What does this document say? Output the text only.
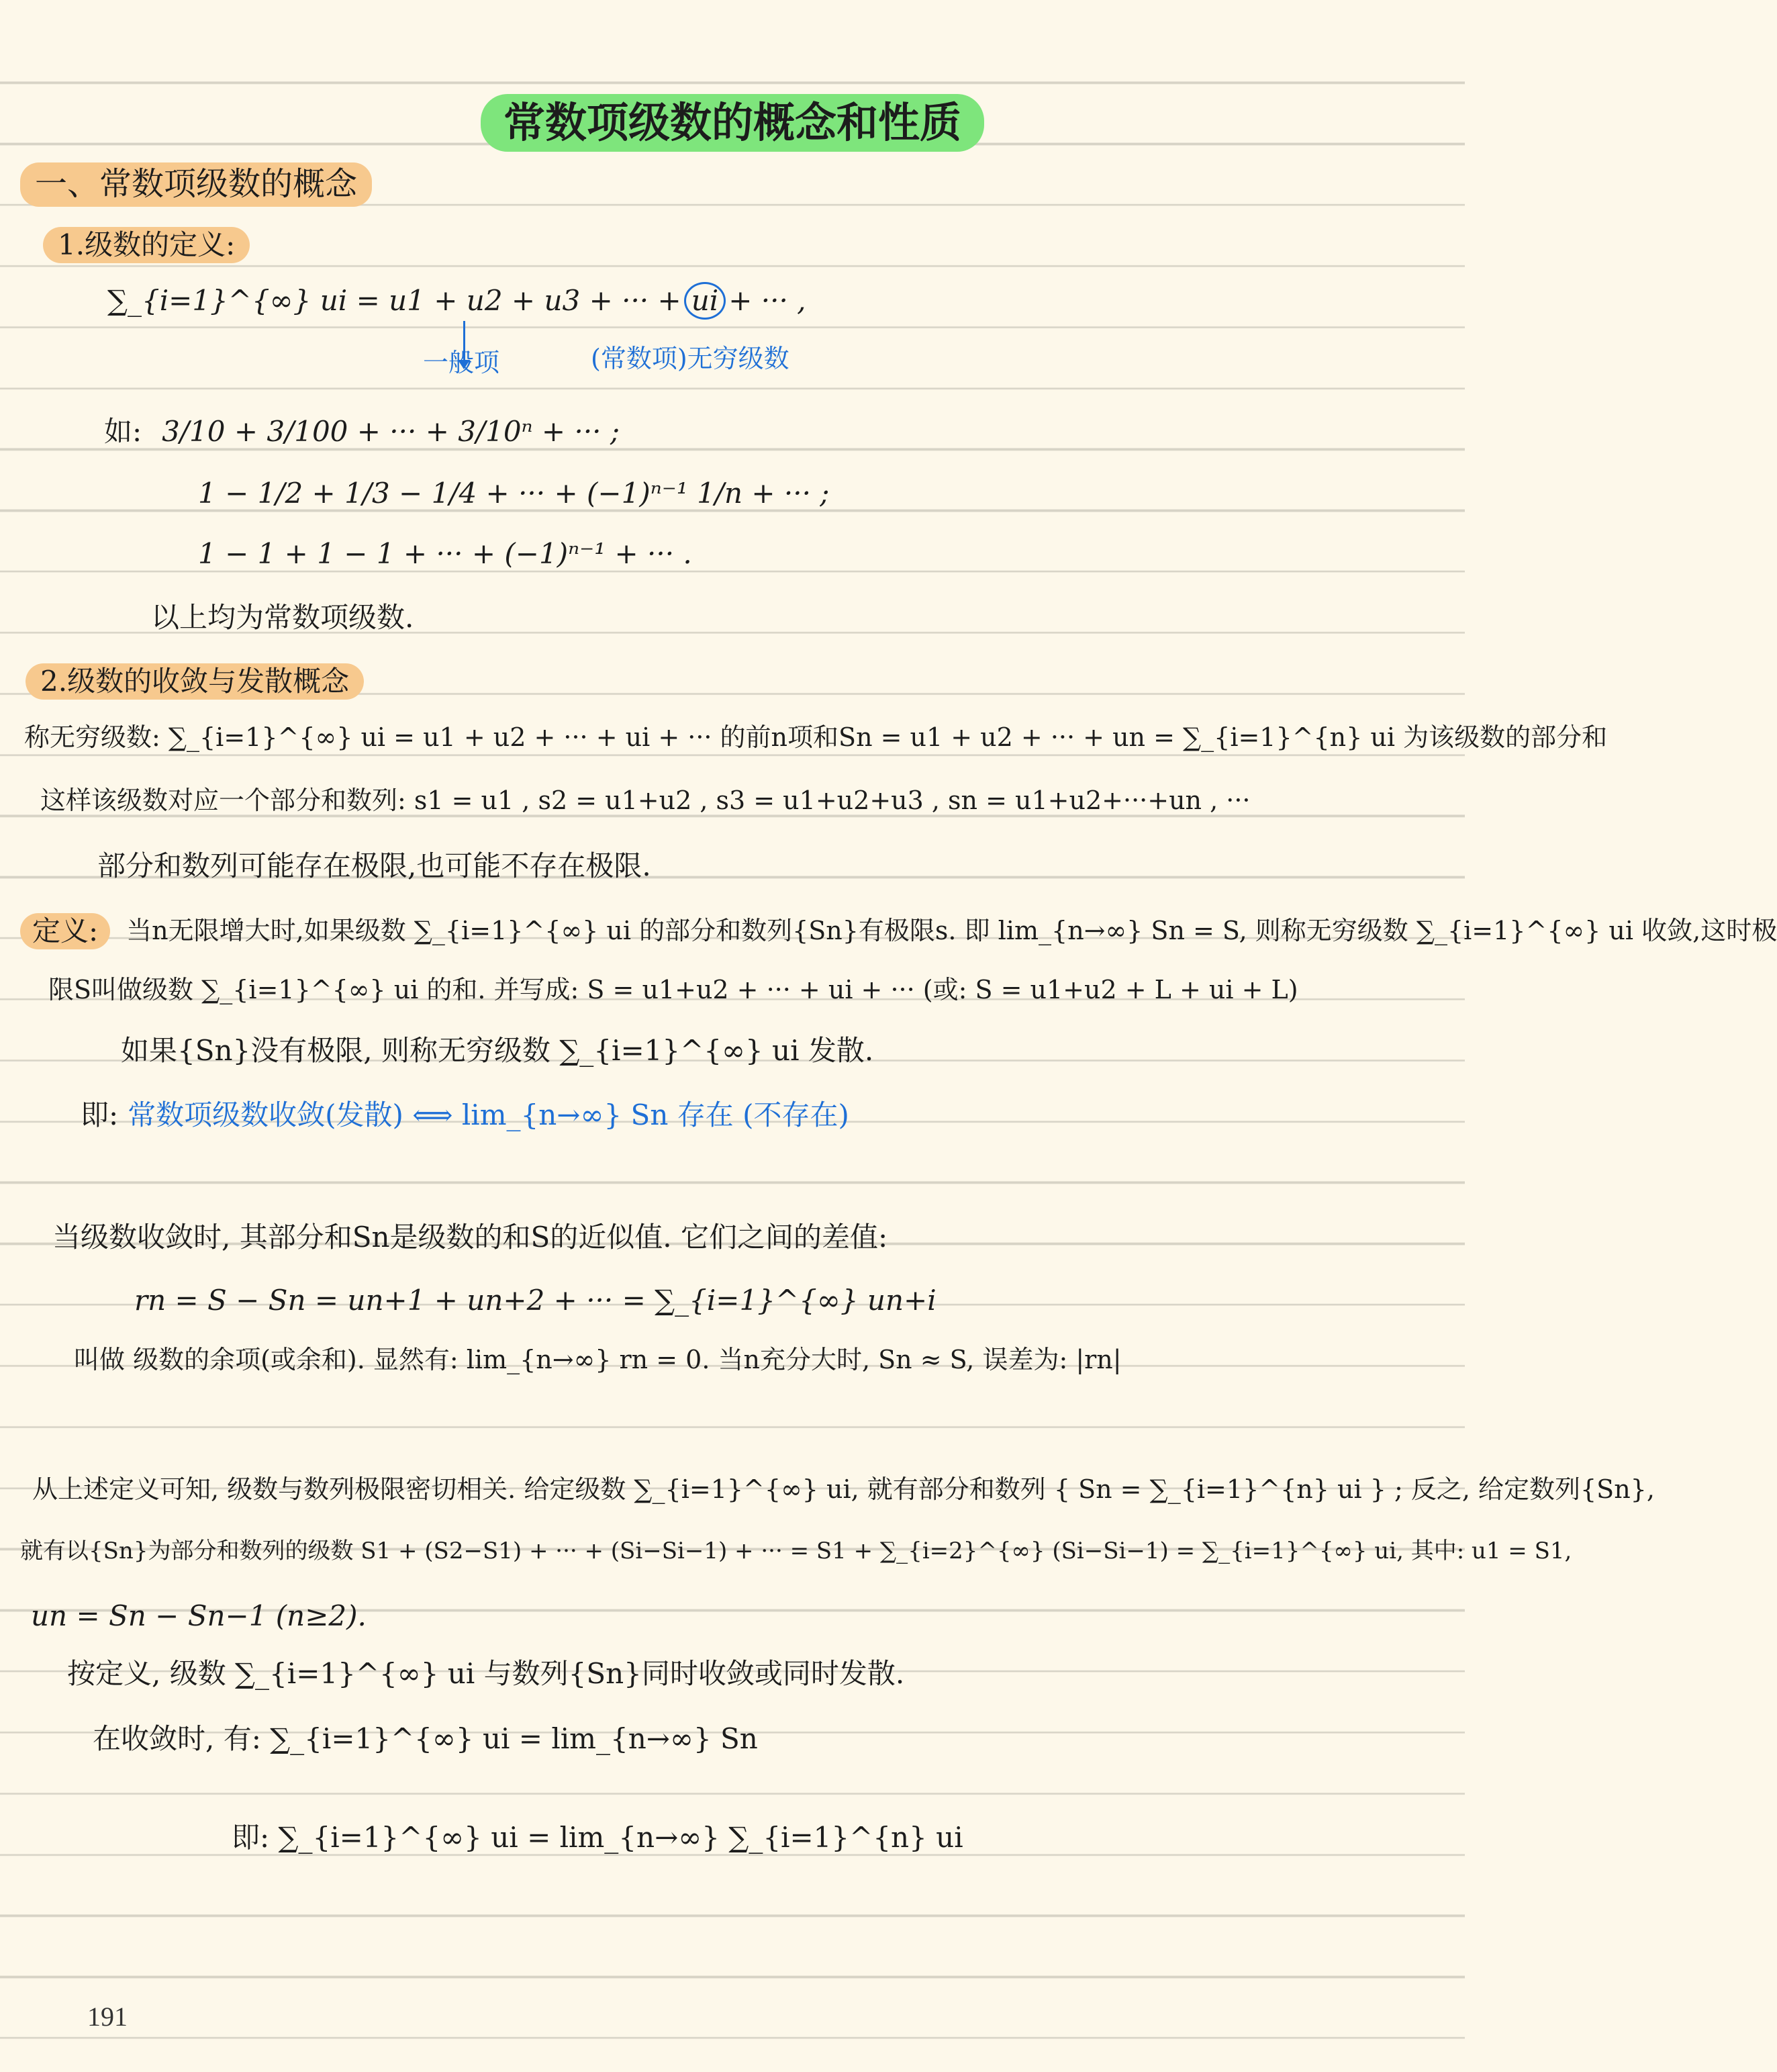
常数项级数的概念和性质
一、常数项级数的概念
1.级数的定义:
∑_{i=1}^{∞} ui = u1 + u2 + u3 + ··· + ui + ··· ,
一般项	(常数项)无穷级数
如: 3/10 + 3/100 + ··· + 3/10ⁿ + ··· ;
1 − 1/2 + 1/3 − 1/4 + ··· + (−1)ⁿ⁻¹ 1/n + ··· ;
1 − 1 + 1 − 1 + ··· + (−1)ⁿ⁻¹ + ··· .
以上均为常数项级数.
2.级数的收敛与发散概念
称无穷级数: ∑_{i=1}^{∞} ui = u1 + u2 + ··· + ui + ··· 的前n项和Sn = u1 + u2 + ··· + un = ∑_{i=1}^{n} ui 为该级数的部分和
这样该级数对应一个部分和数列: s1 = u1 , s2 = u1+u2 , s3 = u1+u2+u3 , sn = u1+u2+···+un , ···
部分和数列可能存在极限,也可能不存在极限.
定义:	当n无限增大时,如果级数 ∑_{i=1}^{∞} ui 的部分和数列{Sn}有极限s. 即 lim_{n→∞} Sn = S, 则称无穷级数 ∑_{i=1}^{∞} ui 收敛,这时极
限S叫做级数 ∑_{i=1}^{∞} ui 的和. 并写成: S = u1+u2 + ··· + ui + ··· (或: S = u1+u2 + L + ui + L)
如果{Sn}没有极限, 则称无穷级数 ∑_{i=1}^{∞} ui 发散.
即: 常数项级数收敛(发散) ⟺ lim_{n→∞} Sn 存在 (不存在)
当级数收敛时, 其部分和Sn是级数的和S的近似值. 它们之间的差值:
rn = S − Sn = un+1 + un+2 + ··· = ∑_{i=1}^{∞} un+i
叫做 级数的余项(或余和). 显然有: lim_{n→∞} rn = 0. 当n充分大时, Sn ≈ S, 误差为: |rn|
从上述定义可知, 级数与数列极限密切相关. 给定级数 ∑_{i=1}^{∞} ui, 就有部分和数列 { Sn = ∑_{i=1}^{n} ui } ; 反之, 给定数列{Sn},
就有以{Sn}为部分和数列的级数 S1 + (S2−S1) + ··· + (Si−Si−1) + ··· = S1 + ∑_{i=2}^{∞} (Si−Si−1) = ∑_{i=1}^{∞} ui, 其中: u1 = S1,
un = Sn − Sn−1 (n≥2).
按定义, 级数 ∑_{i=1}^{∞} ui 与数列{Sn}同时收敛或同时发散.
在收敛时, 有: ∑_{i=1}^{∞} ui = lim_{n→∞} Sn
即: ∑_{i=1}^{∞} ui = lim_{n→∞} ∑_{i=1}^{n} ui
191
